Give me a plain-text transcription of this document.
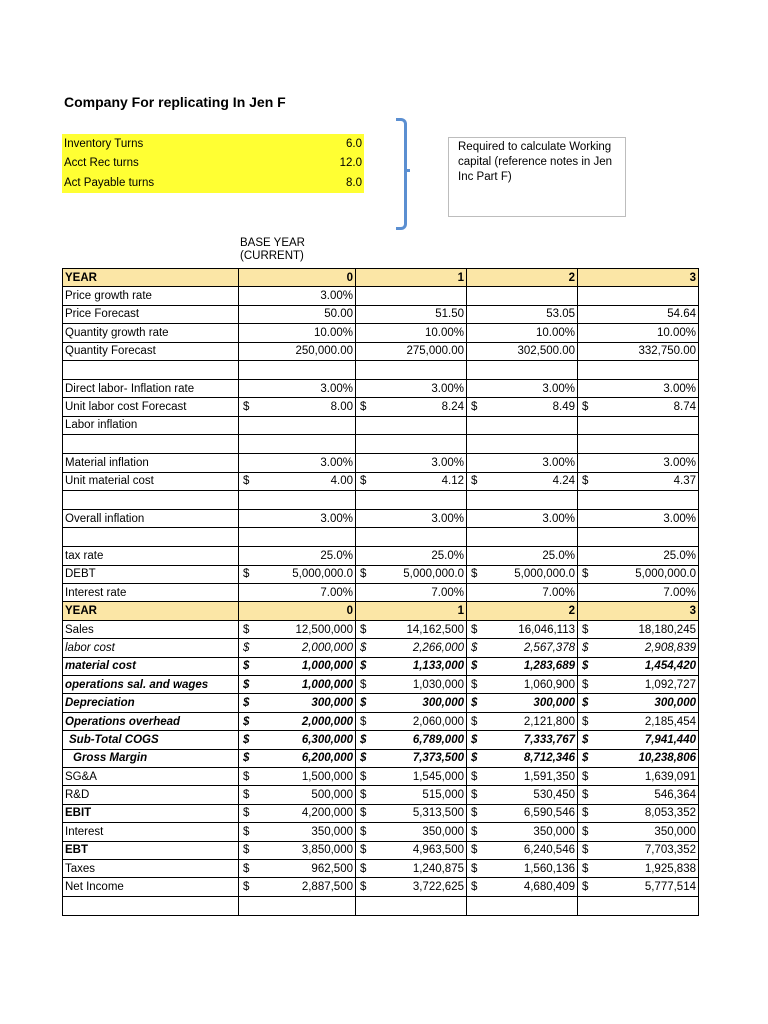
Company For replicating In Jen F
Inventory Turns	6.0
Acct Rec turns	12.0
Act Payable turns	8.0
Required to calculate Working capital (reference notes in Jen Inc Part F)
BASE YEAR
(CURRENT)
YEAR		0		1		2		3
Price growth rate		3.00%						
Price Forecast		50.00		51.50		53.05		54.64
Quantity growth rate		10.00%		10.00%		10.00%		10.00%
Quantity Forecast		250,000.00		275,000.00		302,500.00		332,750.00

Direct labor- Inflation rate		3.00%		3.00%		3.00%		3.00%
Unit labor cost Forecast	$	8.00	$	8.24	$	8.49	$	8.74
Labor inflation								

Material inflation		3.00%		3.00%		3.00%		3.00%
Unit material cost	$	4.00	$	4.12	$	4.24	$	4.37

Overall inflation		3.00%		3.00%		3.00%		3.00%

tax rate		25.0%		25.0%		25.0%		25.0%
DEBT	$	5,000,000.0	$	5,000,000.0	$	5,000,000.0	$	5,000,000.0
Interest rate		7.00%		7.00%		7.00%		7.00%
YEAR		0		1		2		3
Sales	$	12,500,000	$	14,162,500	$	16,046,113	$	18,180,245
labor cost	$	2,000,000	$	2,266,000	$	2,567,378	$	2,908,839
material cost	$	1,000,000	$	1,133,000	$	1,283,689	$	1,454,420
operations sal. and wages	$	1,000,000	$	1,030,000	$	1,060,900	$	1,092,727
Depreciation	$	300,000	$	300,000	$	300,000	$	300,000
Operations overhead	$	2,000,000	$	2,060,000	$	2,121,800	$	2,185,454
Sub-Total COGS	$	6,300,000	$	6,789,000	$	7,333,767	$	7,941,440
Gross Margin	$	6,200,000	$	7,373,500	$	8,712,346	$	10,238,806
SG&A	$	1,500,000	$	1,545,000	$	1,591,350	$	1,639,091
R&D	$	500,000	$	515,000	$	530,450	$	546,364
EBIT	$	4,200,000	$	5,313,500	$	6,590,546	$	8,053,352
Interest	$	350,000	$	350,000	$	350,000	$	350,000
EBT	$	3,850,000	$	4,963,500	$	6,240,546	$	7,703,352
Taxes	$	962,500	$	1,240,875	$	1,560,136	$	1,925,838
Net Income	$	2,887,500	$	3,722,625	$	4,680,409	$	5,777,514
